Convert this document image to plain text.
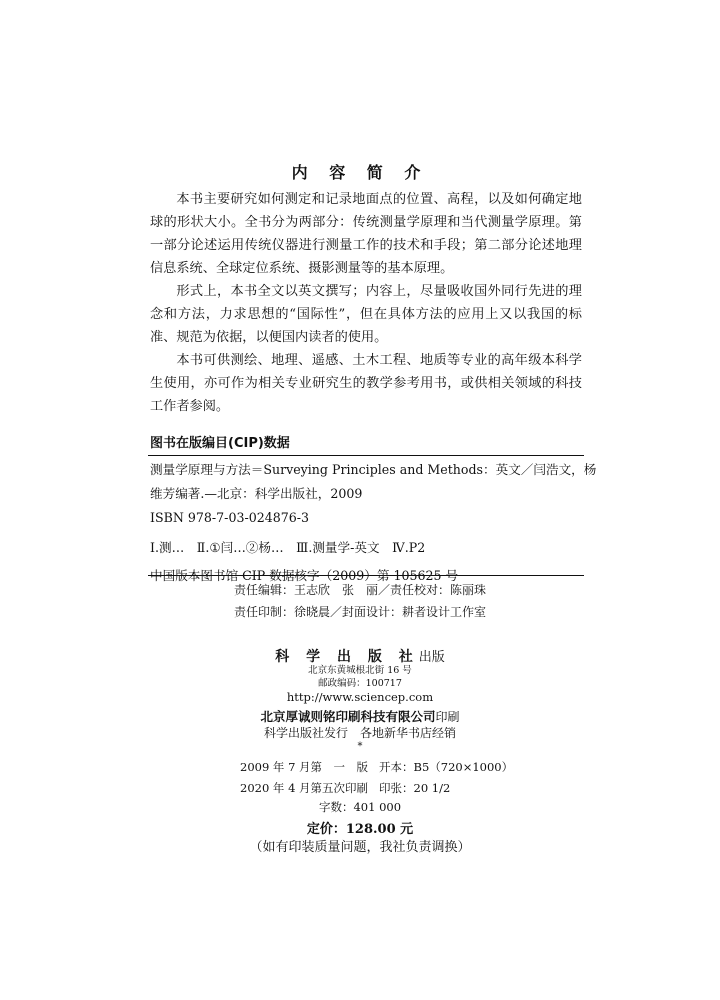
内 容 简 介

本书主要研究如何测定和记录地面点的位置、高程，以及如何确定地球的形状大小。全书分为两部分：传统测量学原理和当代测量学原理。第一部分论述运用传统仪器进行测量工作的技术和手段；第二部分论述地理信息系统、全球定位系统、摄影测量等的基本原理。

形式上，本书全文以英文撰写；内容上，尽量吸收国外同行先进的理念和方法，力求思想的“国际性”，但在具体方法的应用上又以我国的标准、规范为依据，以便国内读者的使用。

本书可供测绘、地理、遥感、土木工程、地质等专业的高年级本科学生使用，亦可作为相关专业研究生的教学参考用书，或供相关领域的科技工作者参阅。

图书在版编目(CIP)数据
测量学原理与方法＝Surveying Principles and Methods：英文／闫浩文，杨
维芳编著.—北京：科学出版社，2009
ISBN 978-7-03-024876-3
Ⅰ.测…　Ⅱ.①闫…②杨…　Ⅲ.测量学-英文　Ⅳ.P2
中国版本图书馆 CIP 数据核字（2009）第 105625 号
责任编辑：王志欣　张　丽／责任校对：陈丽珠
责任印制：徐晓晨／封面设计：耕者设计工作室
科 学 出 版 社出版
北京东黄城根北街 16 号
邮政编码：100717
http://www.sciencep.com
北京厚诚则铭印刷科技有限公司印刷
科学出版社发行　各地新华书店经销
*
2009 年 7 月第　一　版 开本：B5（720×1000）
2020 年 4 月第五次印刷 印张：20 1/2
字数：401 000
定价：128.00 元
（如有印装质量问题，我社负责调换）
